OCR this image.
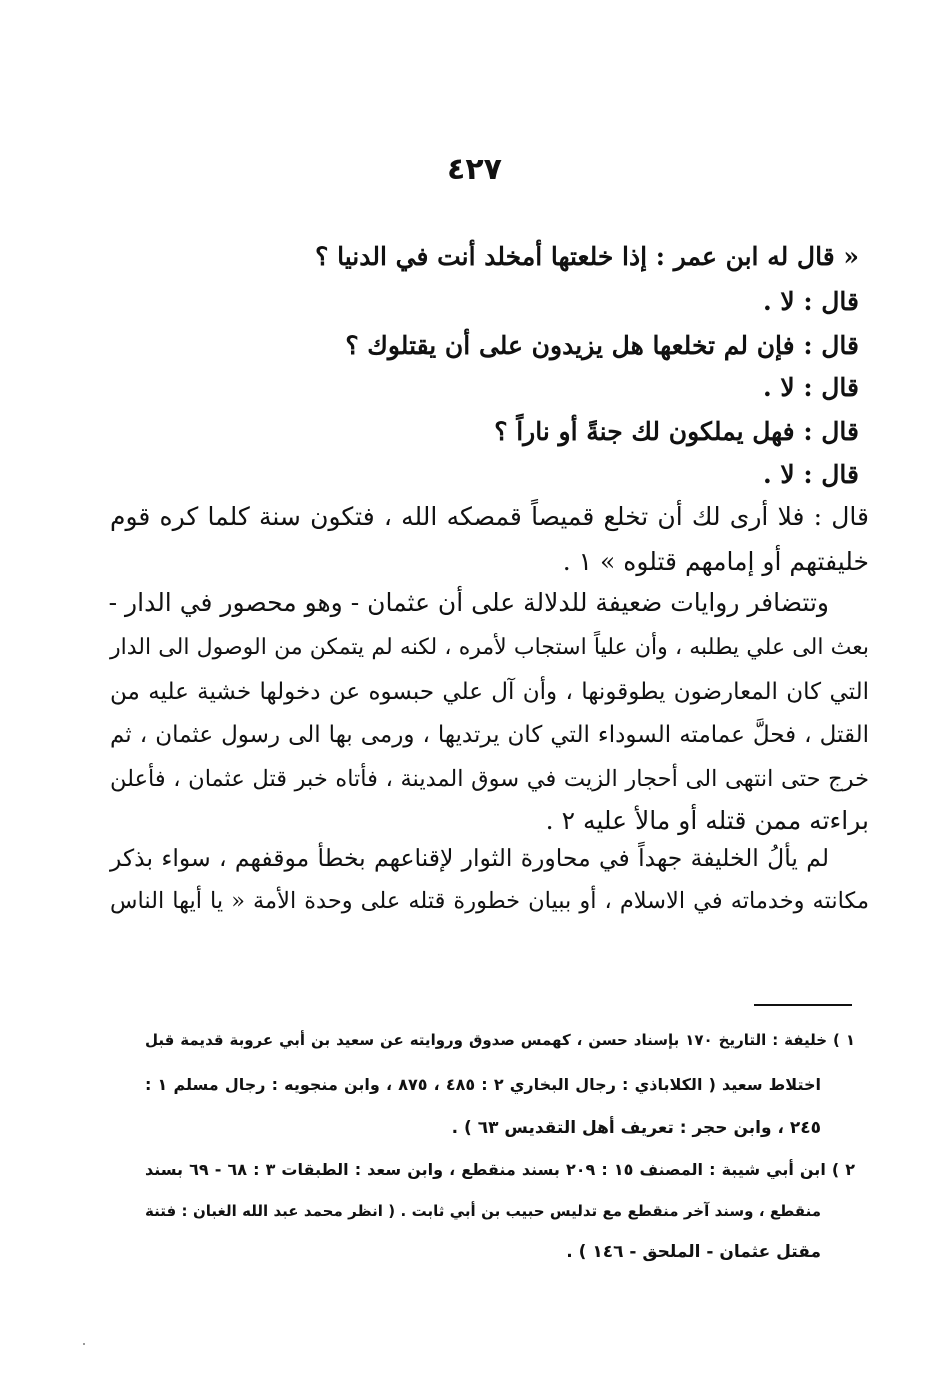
٤٢٧
« قال له ابن عمر : إذا خلعتها أمخلد أنت في الدنيا ؟
قال : لا .
قال : فإن لم تخلعها هل يزيدون على أن يقتلوك ؟
قال : لا .
قال : فهل يملكون لك جنةً أو ناراً ؟
قال : لا .
قال : فلا أرى لك أن تخلع قميصاً قمصكه الله ، فتكون سنة كلما كره قوم
خليفتهم أو إمامهم قتلوه » ١ .
وتتضافر روايات ضعيفة للدلالة على أن عثمان - وهو محصور في الدار -
بعث الى علي يطلبه ، وأن علياً استجاب لأمره ، لكنه لم يتمكن من الوصول الى الدار
التي كان المعارضون يطوقونها ، وأن آل علي حبسوه عن دخولها خشية عليه من
القتل ، فحلَّ عمامته السوداء التي كان يرتديها ، ورمى بها الى رسول عثمان ، ثم
خرج حتى انتهى الى أحجار الزيت في سوق المدينة ، فأتاه خبر قتل عثمان ، فأعلن
براءته ممن قتله أو مالأ عليه ٢ .
لم يألُ الخليفة جهداً في محاورة الثوار لإقناعهم بخطأ موقفهم ، سواء بذكر
مكانته وخدماته في الاسلام ، أو ببيان خطورة قتله على وحدة الأمة « يا أيها الناس
١ ) خليفة : التاريخ ١٧٠ بإسناد حسن ، كهمس صدوق وروايته عن سعيد بن أبي عروبة قديمة قبل
اختلاط سعيد ( الكلاباذي : رجال البخاري ٢ : ٤٨٥ ، ٨٧٥ ، وابن منجويه : رجال مسلم ١ :
٢٤٥ ، وابن حجر : تعريف أهل التقديس ٦٣ ) .
٢ ) ابن أبي شيبة : المصنف ١٥ : ٢٠٩ بسند منقطع ، وابن سعد : الطبقات ٣ : ٦٨ - ٦٩ بسند
منقطع ، وسند آخر منقطع مع تدليس حبيب بن أبي ثابت . ( انظر محمد عبد الله الغبان : فتنة
مقتل عثمان - الملحق - ١٤٦ ) .
